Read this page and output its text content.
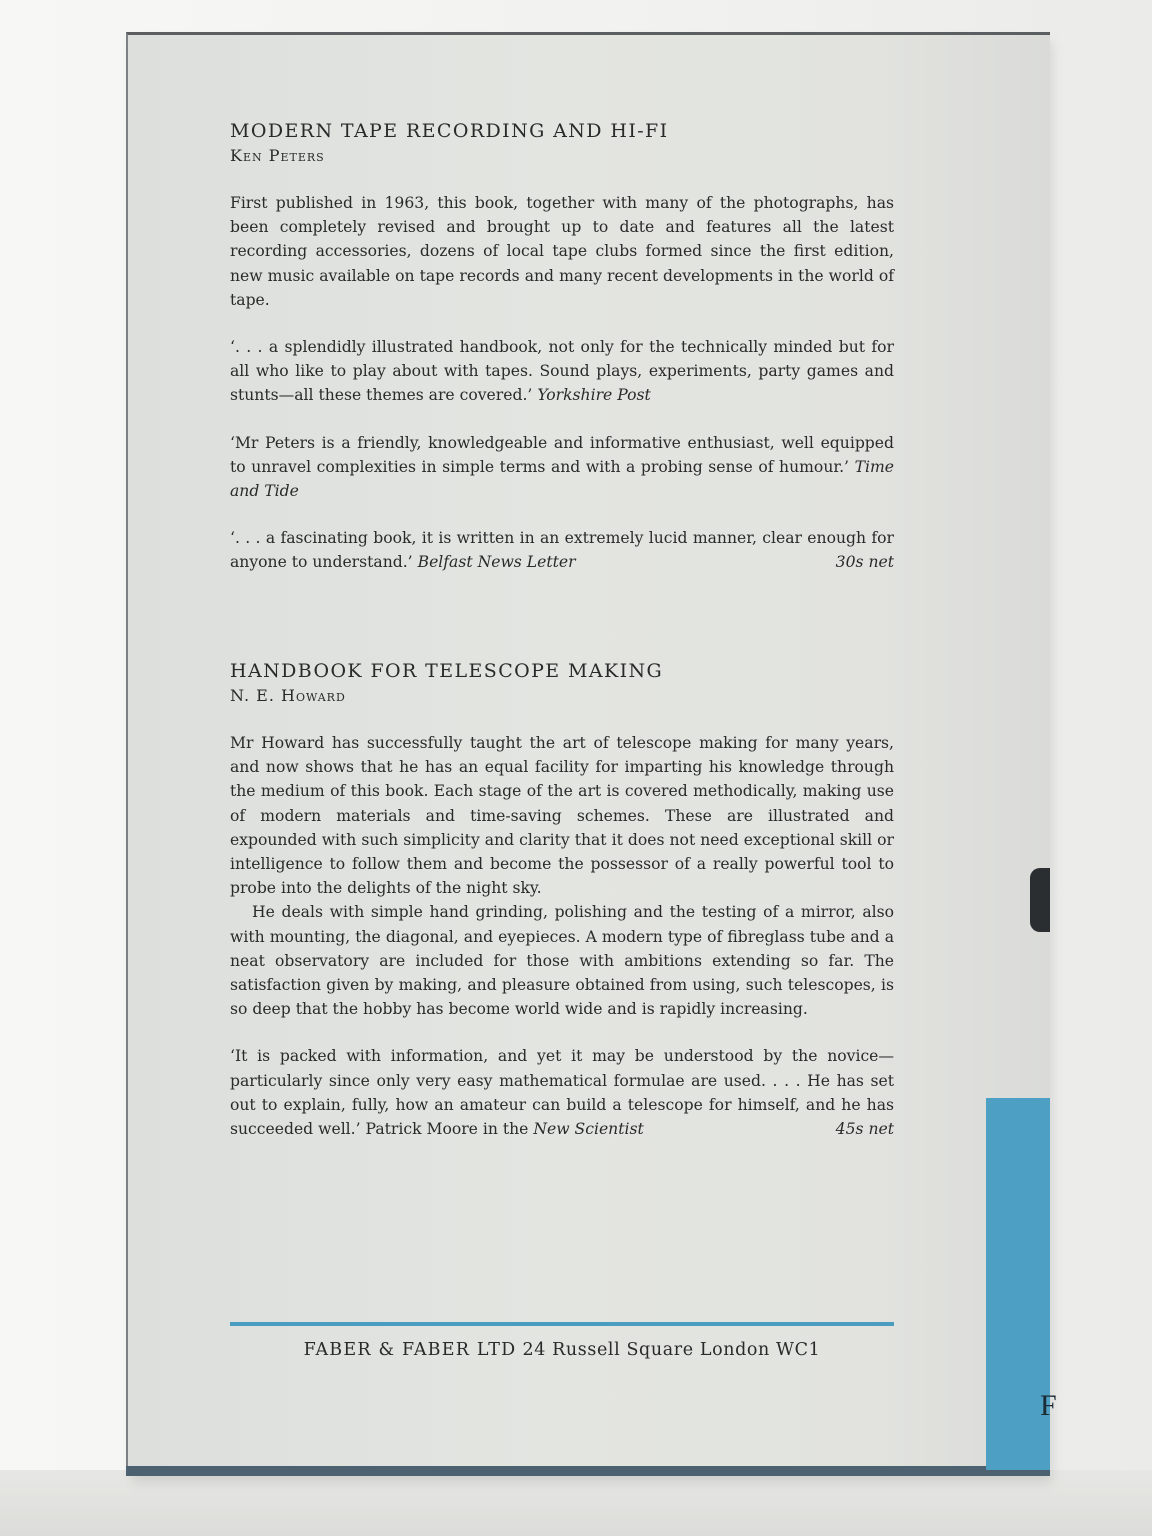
F
MODERN TAPE RECORDING AND HI-FI

Ken Peters

First published in 1963, this book, together with many of the photographs, has been completely revised and brought up to date and features all the latest recording accessories, dozens of local tape clubs formed since the first edition, new music available on tape records and many recent developments in the world of tape.

‘. . . a splendidly illustrated handbook, not only for the technically minded but for all who like to play about with tapes. Sound plays, experiments, party games and stunts—all these themes are covered.’ Yorkshire Post

‘Mr Peters is a friendly, knowledgeable and informative enthusiast, well equipped to unravel complexities in simple terms and with a probing sense of humour.’ Time and Tide

‘. . . a fascinating book, it is written in an extremely lucid manner, clear enough for anyone to understand.’ Belfast News Letter	30s net

HANDBOOK FOR TELESCOPE MAKING

N. E. Howard

Mr Howard has successfully taught the art of telescope making for many years, and now shows that he has an equal facility for imparting his knowledge through the medium of this book. Each stage of the art is covered methodically, making use of modern materials and time-saving schemes. These are illustrated and expounded with such simplicity and clarity that it does not need exceptional skill or intelligence to follow them and become the possessor of a really powerful tool to probe into the delights of the night sky.

He deals with simple hand grinding, polishing and the testing of a mirror, also with mounting, the diagonal, and eyepieces. A modern type of fibreglass tube and a neat observatory are included for those with ambitions extending so far. The satisfaction given by making, and pleasure obtained from using, such telescopes, is so deep that the hobby has become world wide and is rapidly increasing.

‘It is packed with information, and yet it may be understood by the novice—particularly since only very easy mathematical formulae are used. . . . He has set out to explain, fully, how an amateur can build a telescope for himself, and he has succeeded well.’ Patrick Moore in the New Scientist	45s net

FABER & FABER LTD 24 Russell Square London WC1
